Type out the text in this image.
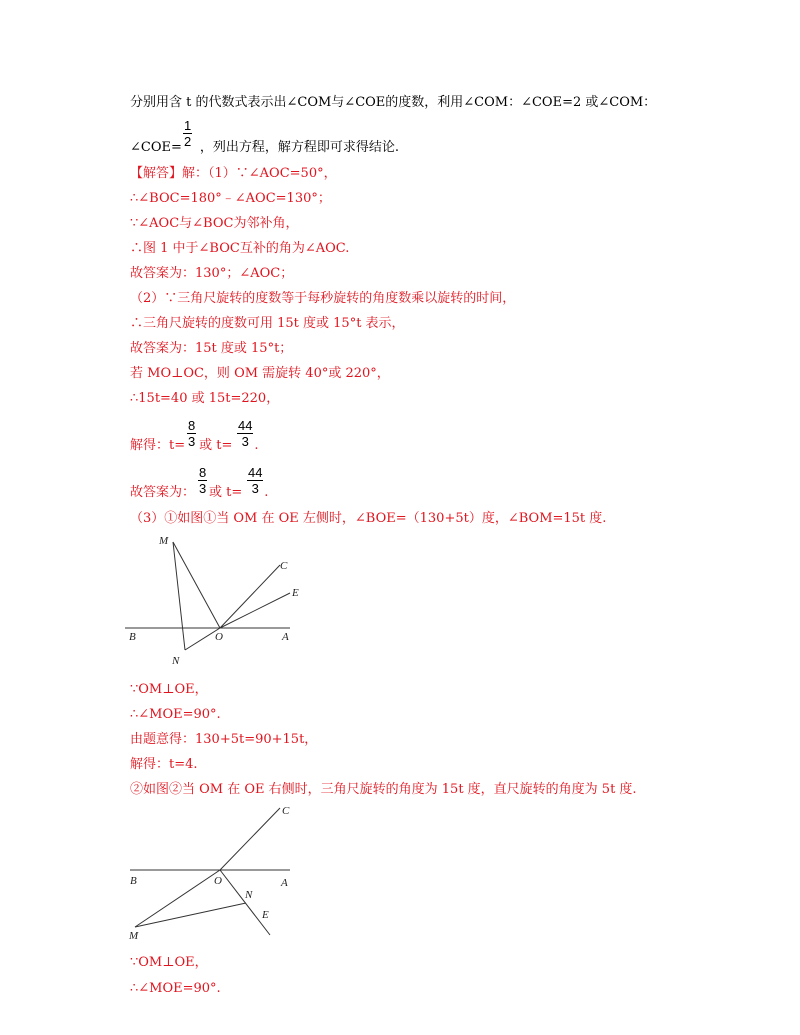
分别用含 t 的代数式表示出∠COM与∠COE的度数，利用∠COM：∠COE=2 或∠COM：
∠COE= ，列出方程，解方程即可求得结论.
$\frac{1}{2}$
【解答】解：（1）∵∠AOC=50°，
∴∠BOC=180°﹣∠AOC=130°；
∵∠AOC与∠BOC为邻补角，
∴图 1 中于∠BOC互补的角为∠AOC.
故答案为：130°；∠AOC；
（2）∵三角尺旋转的度数等于每秒旋转的角度数乘以旋转的时间，
∴三角尺旋转的度数可用 15t 度或 15°t 表示，
故答案为：15t 度或 15°t；
若 MO⊥OC，则 OM 需旋转 40°或 220°，
∴15t=40 或 15t=220，
解得：t= 或 t= .
$\frac{8}{3}$	$\frac{44}{3}$
故答案为： 或 t= .
$\frac{8}{3}$	$\frac{44}{3}$
（3）①如图①当 OM 在 OE 左侧时，∠BOE=（130+5t）度，∠BOM=15t 度.
M
C
E
B	O	A
N
∵OM⊥OE，
∴∠MOE=90°.
由题意得：130+5t=90+15t，
解得：t=4.
②如图②当 OM 在 OE 右侧时，三角尺旋转的角度为 15t 度，直尺旋转的角度为 5t 度.
C
B	O	A
N
E
M
∵OM⊥OE，
∴∠MOE=90°.
